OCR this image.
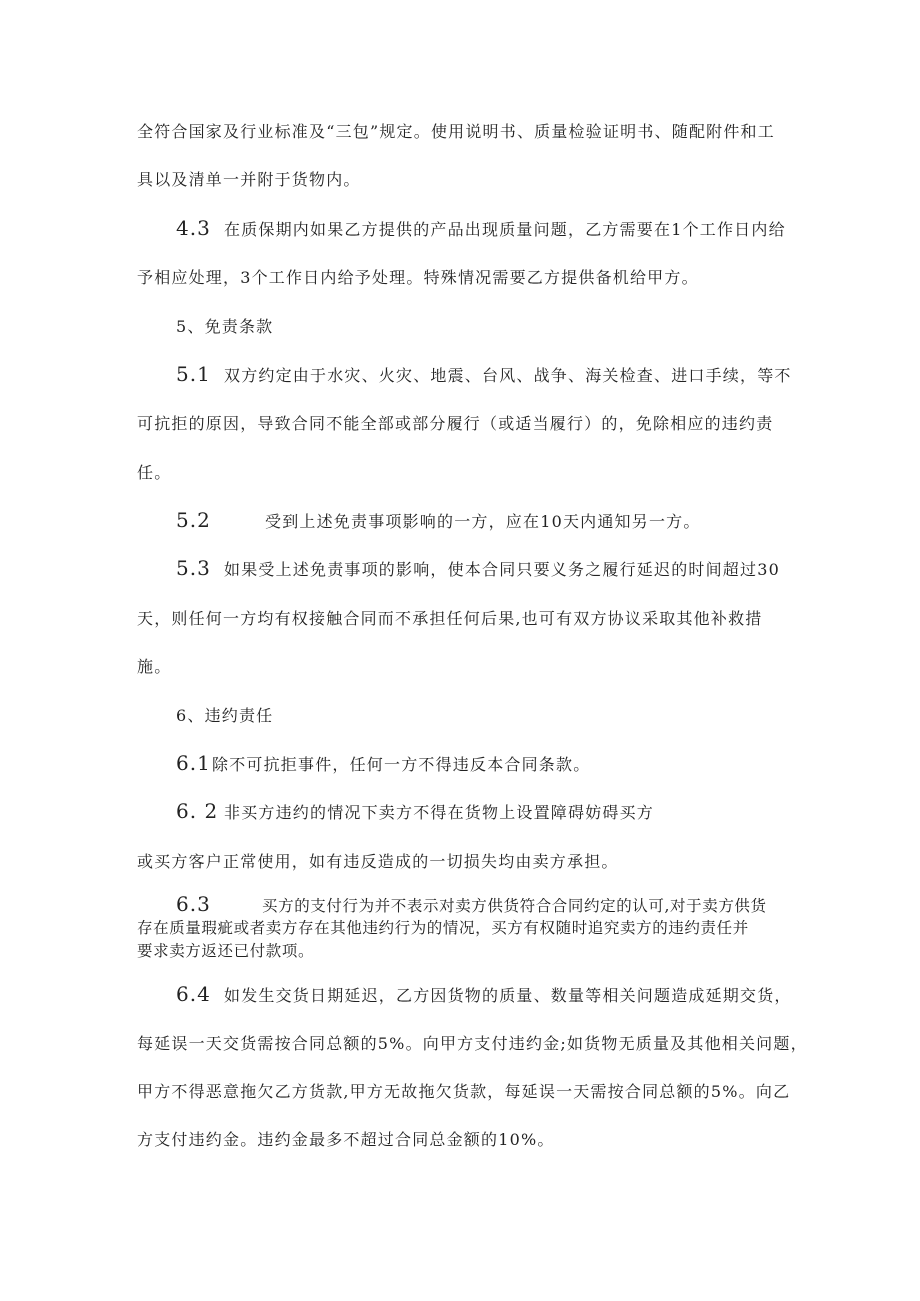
全符合国家及行业标准及“三包”规定。使用说明书、质量检验证明书、随配附件和工

具以及清单一并附于货物内。

4.3 在质保期内如果乙方提供的产品出现质量问题，乙方需要在1个工作日内给

予相应处理，3个工作日内给予处理。特殊情况需要乙方提供备机给甲方。

5、免责条款

5.1 双方约定由于水灾、火灾、地震、台风、战争、海关检查、进口手续，等不

可抗拒的原因，导致合同不能全部或部分履行（或适当履行）的，免除相应的违约责

任。

5.2	受到上述免责事项影响的一方，应在10天内通知另一方。

5.3 如果受上述免责事项的影响，使本合同只要义务之履行延迟的时间超过30

天，则任何一方均有权接触合同而不承担任何后果,也可有双方协议采取其他补救措

施。

6、违约责任

6.1 除不可抗拒事件，任何一方不得违反本合同条款。

6. 2 非买方违约的情况下卖方不得在货物上设置障碍妨碍买方

或买方客户正常使用，如有违反造成的一切损失均由卖方承担。

6.3	买方的支付行为并不表示对卖方供货符合合同约定的认可,对于卖方供货

存在质量瑕疵或者卖方存在其他违约行为的情况，买方有权随时追究卖方的违约责任并

要求卖方返还已付款项。

6.4 如发生交货日期延迟，乙方因货物的质量、数量等相关问题造成延期交货，

每延误一天交货需按合同总额的5%。向甲方支付违约金;如货物无质量及其他相关问题，

甲方不得恶意拖欠乙方货款,甲方无故拖欠货款，每延误一天需按合同总额的5%。向乙

方支付违约金。违约金最多不超过合同总金额的10%。
